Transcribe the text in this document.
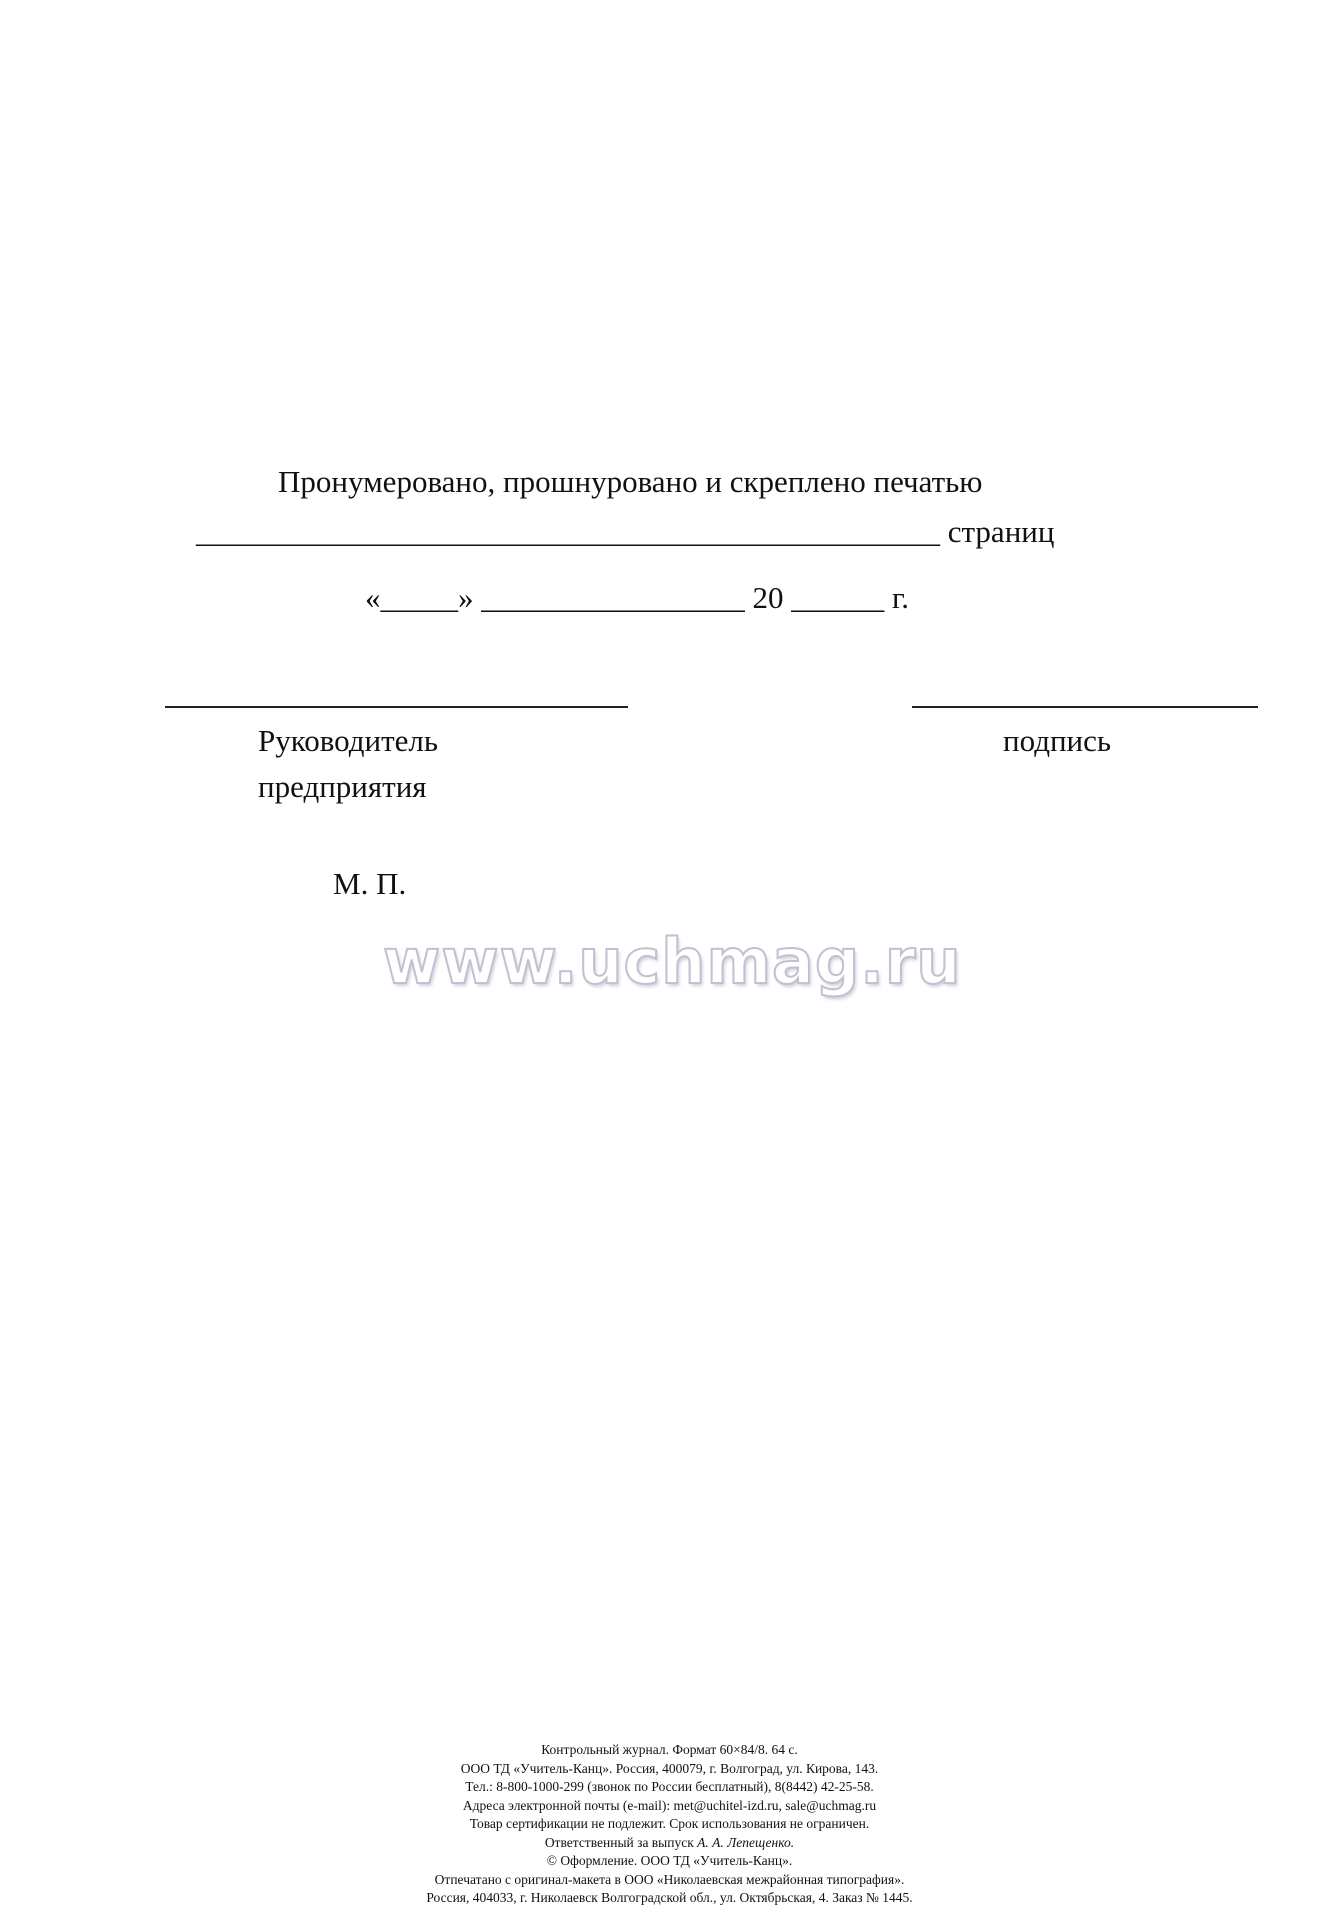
Пронумеровано, прошнуровано и скреплено печатью
________________________________________________ страниц
«_____» _________________ 20 ______ г.
Руководитель
предприятия
подпись
М. П.
www.uchmag.ru
Контрольный журнал. Формат 60×84/8. 64 с.
ООО ТД «Учитель-Канц». Россия, 400079, г. Волгоград, ул. Кирова, 143.
Тел.: 8-800-1000-299 (звонок по России бесплатный), 8(8442) 42-25-58.
Адреса электронной почты (e-mail): met@uchitel-izd.ru, sale@uchmag.ru
Товар сертификации не подлежит. Срок использования не ограничен.
Ответственный за выпуск А. А. Лепещенко.
© Оформление. ООО ТД «Учитель-Канц».
Отпечатано с оригинал-макета в ООО «Николаевская межрайонная типография».
Россия, 404033, г. Николаевск Волгоградской обл., ул. Октябрьская, 4. Заказ № 1445.
